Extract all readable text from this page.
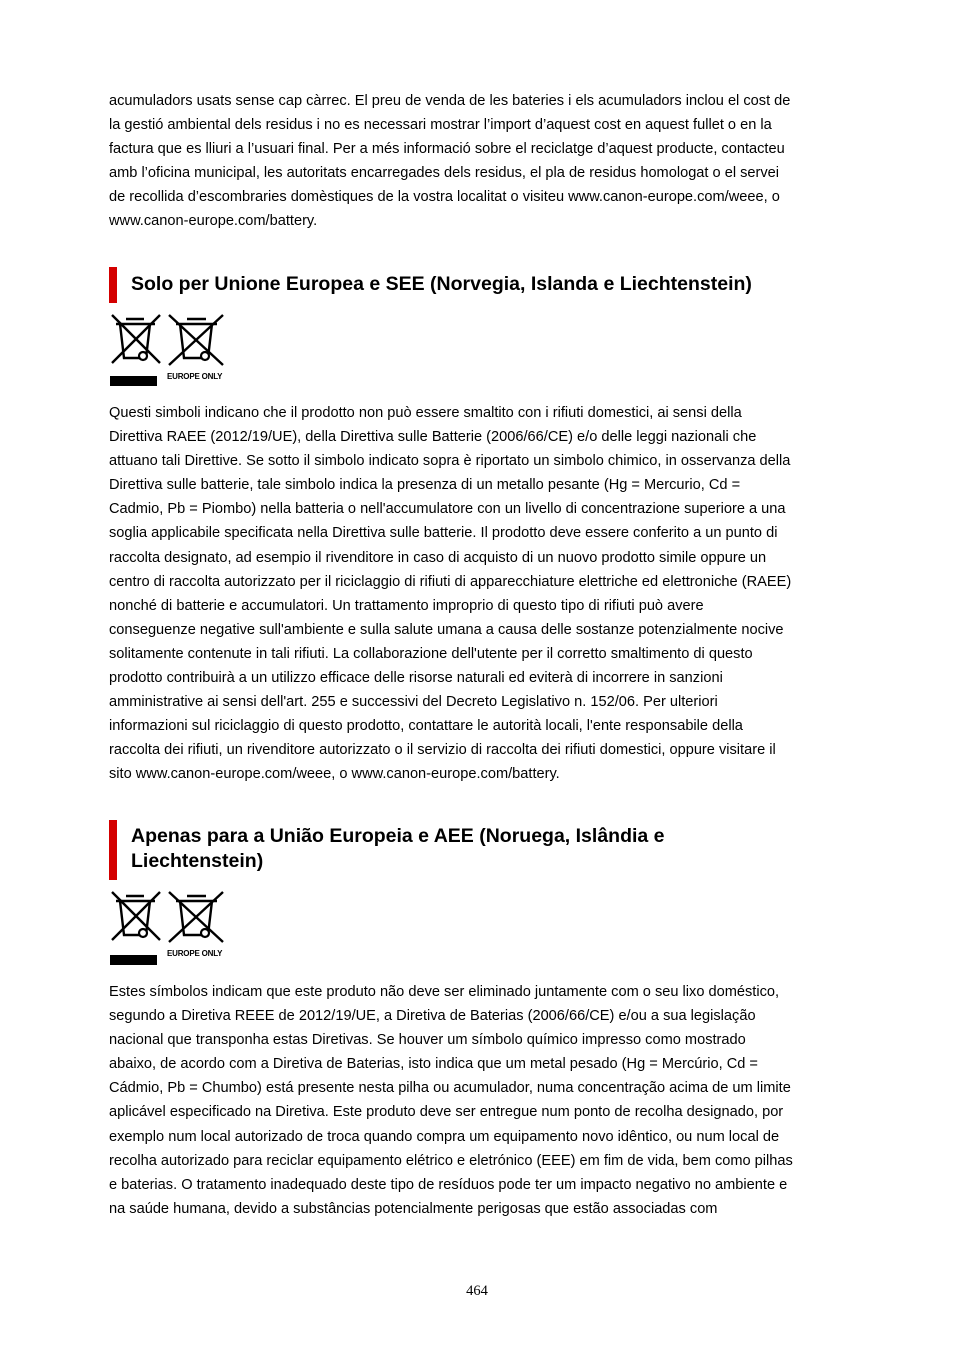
acumuladors usats sense cap càrrec. El preu de venda de les bateries i els acumuladors inclou el cost de
la gestió ambiental dels residus i no es necessari mostrar l’import d’aquest cost en aquest fullet o en la
factura que es lliuri a l’usuari final. Per a més informació sobre el reciclatge d’aquest producte, contacteu
amb l’oficina municipal, les autoritats encarregades dels residus, el pla de residus homologat o el servei
de recollida d’escombraries domèstiques de la vostra localitat o visiteu www.canon-europe.com/weee, o
www.canon-europe.com/battery.

Solo per Unione Europea e SEE (Norvegia, Islanda e Liechtenstein)

EUROPE ONLY

Questi simboli indicano che il prodotto non può essere smaltito con i rifiuti domestici, ai sensi della
Direttiva RAEE (2012/19/UE), della Direttiva sulle Batterie (2006/66/CE) e/o delle leggi nazionali che
attuano tali Direttive. Se sotto il simbolo indicato sopra è riportato un simbolo chimico, in osservanza della
Direttiva sulle batterie, tale simbolo indica la presenza di un metallo pesante (Hg = Mercurio, Cd =
Cadmio, Pb = Piombo) nella batteria o nell'accumulatore con un livello di concentrazione superiore a una
soglia applicabile specificata nella Direttiva sulle batterie. Il prodotto deve essere conferito a un punto di
raccolta designato, ad esempio il rivenditore in caso di acquisto di un nuovo prodotto simile oppure un
centro di raccolta autorizzato per il riciclaggio di rifiuti di apparecchiature elettriche ed elettroniche (RAEE)
nonché di batterie e accumulatori. Un trattamento improprio di questo tipo di rifiuti può avere
conseguenze negative sull'ambiente e sulla salute umana a causa delle sostanze potenzialmente nocive
solitamente contenute in tali rifiuti. La collaborazione dell'utente per il corretto smaltimento di questo
prodotto contribuirà a un utilizzo efficace delle risorse naturali ed eviterà di incorrere in sanzioni
amministrative ai sensi dell'art. 255 e successivi del Decreto Legislativo n. 152/06. Per ulteriori
informazioni sul riciclaggio di questo prodotto, contattare le autorità locali, l'ente responsabile della
raccolta dei rifiuti, un rivenditore autorizzato o il servizio di raccolta dei rifiuti domestici, oppure visitare il
sito www.canon-europe.com/weee, o www.canon-europe.com/battery.

Apenas para a União Europeia e AEE (Noruega, Islândia e
Liechtenstein)

EUROPE ONLY

Estes símbolos indicam que este produto não deve ser eliminado juntamente com o seu lixo doméstico,
segundo a Diretiva REEE de 2012/19/UE, a Diretiva de Baterias (2006/66/CE) e/ou a sua legislação
nacional que transponha estas Diretivas. Se houver um símbolo químico impresso como mostrado
abaixo, de acordo com a Diretiva de Baterias, isto indica que um metal pesado (Hg = Mercúrio, Cd =
Cádmio, Pb = Chumbo) está presente nesta pilha ou acumulador, numa concentração acima de um limite
aplicável especificado na Diretiva. Este produto deve ser entregue num ponto de recolha designado, por
exemplo num local autorizado de troca quando compra um equipamento novo idêntico, ou num local de
recolha autorizado para reciclar equipamento elétrico e eletrónico (EEE) em fim de vida, bem como pilhas
e baterias. O tratamento inadequado deste tipo de resíduos pode ter um impacto negativo no ambiente e
na saúde humana, devido a substâncias potencialmente perigosas que estão associadas com

464
